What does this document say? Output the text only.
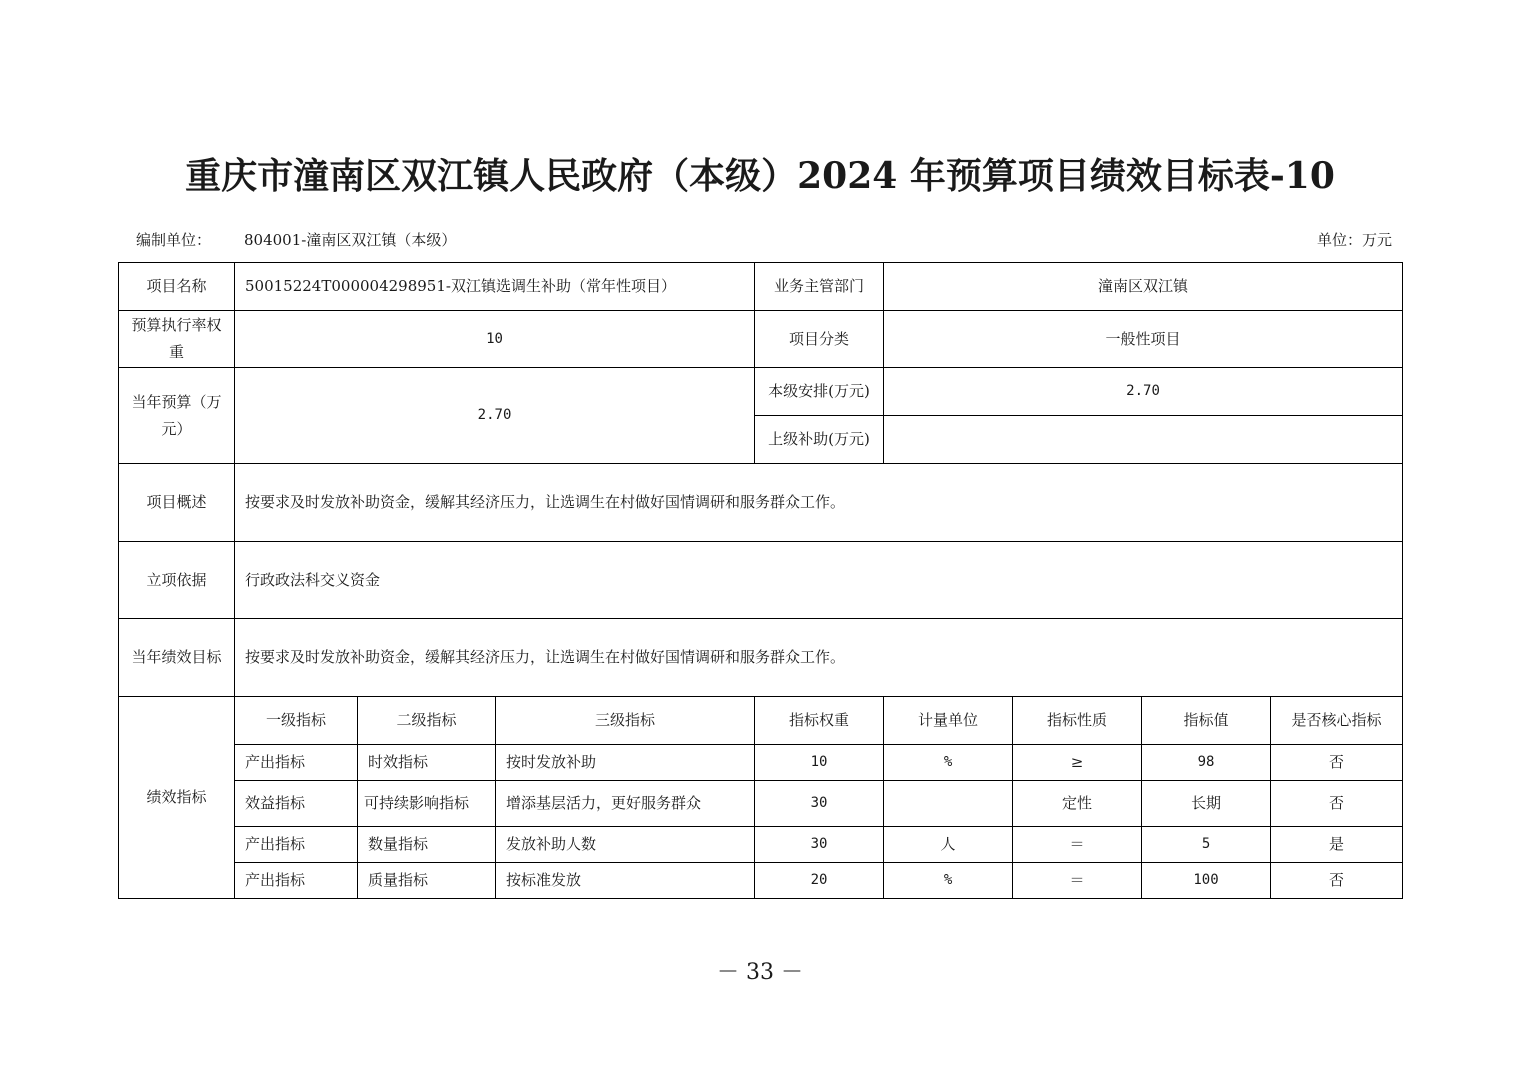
重庆市潼南区双江镇人民政府（本级）2024 年预算项目绩效目标表-10
编制单位： 804001-潼南区双江镇（本级）	单位：万元
项目名称	50015224T000004298951-双江镇选调生补助（常年性项目）			业务主管部门	潼南区双江镇			
预算执行率权重	10			项目分类	一般性项目			
当年预算（万元）	2.70			本级安排(万元)	2.70			
				上级补助(万元)				
项目概述	按要求及时发放补助资金，缓解其经济压力，让选调生在村做好国情调研和服务群众工作。							
立项依据	行政政法科交义资金							
当年绩效目标	按要求及时发放补助资金，缓解其经济压力，让选调生在村做好国情调研和服务群众工作。							
绩效指标	一级指标	二级指标	三级指标	指标权重	计量单位	指标性质	指标值	是否核心指标
	产出指标	时效指标	按时发放补助	10	%	≥	98	否
	效益指标	可持续影响指标	增添基层活力，更好服务群众	30		定性	长期	否
	产出指标	数量指标	发放补助人数	30	人	＝	5	是
	产出指标	质量指标	按标准发放	20	%	＝	100	否
－ 33 －
